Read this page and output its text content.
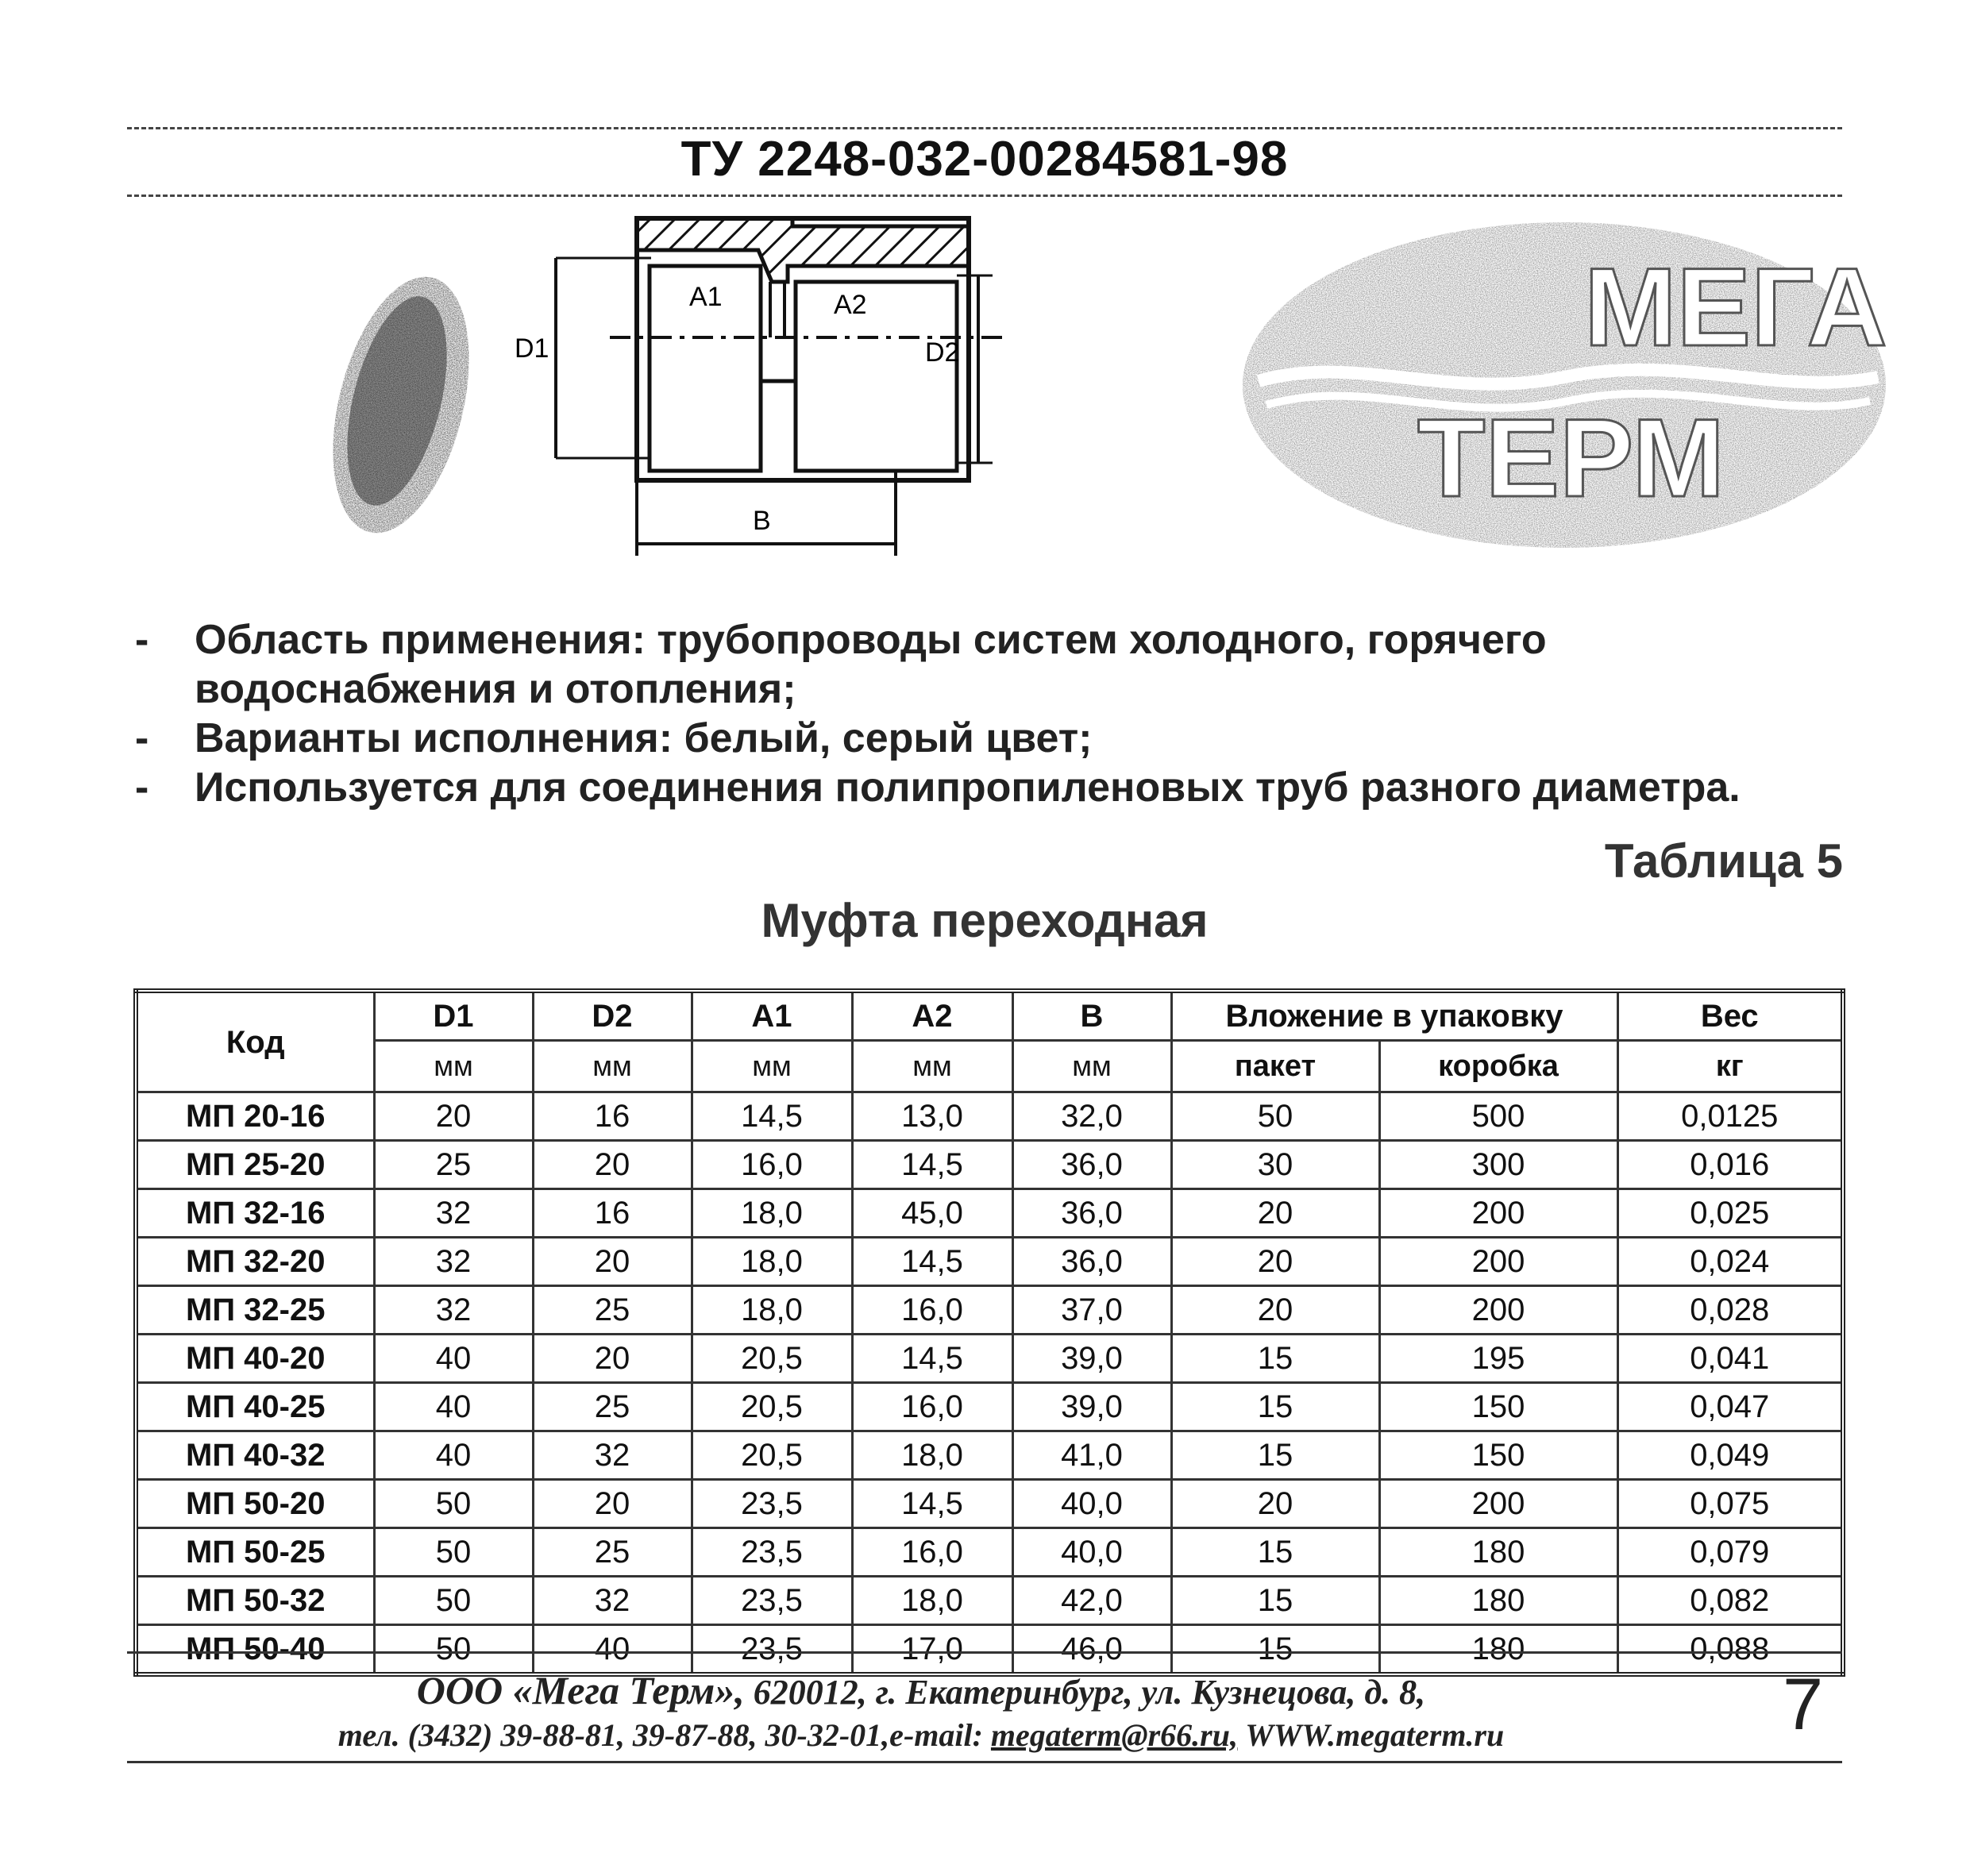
ТУ 2248-032-00284581-98
A1	A2
D1	D2
B
МЕГА
ТЕРМ
- Область применения: трубопроводы систем холодного, горячего водоснабжения и отопления;
- Варианты исполнения: белый, серый цвет;
- Используется для соединения полипропиленовых труб разного диаметра.
Таблица 5
Муфта переходная
Код	D1	D2	A1	A2	B	Вложение в упаковку		Вес
	мм	мм	мм	мм	мм	пакет	коробка	кг
МП 20-16	20	16	14,5	13,0	32,0	50	500	0,0125
МП 25-20	25	20	16,0	14,5	36,0	30	300	0,016
МП 32-16	32	16	18,0	45,0	36,0	20	200	0,025
МП 32-20	32	20	18,0	14,5	36,0	20	200	0,024
МП 32-25	32	25	18,0	16,0	37,0	20	200	0,028
МП 40-20	40	20	20,5	14,5	39,0	15	195	0,041
МП 40-25	40	25	20,5	16,0	39,0	15	150	0,047
МП 40-32	40	32	20,5	18,0	41,0	15	150	0,049
МП 50-20	50	20	23,5	14,5	40,0	20	200	0,075
МП 50-25	50	25	23,5	16,0	40,0	15	180	0,079
МП 50-32	50	32	23,5	18,0	42,0	15	180	0,082
МП 50-40	50	40	23,5	17,0	46,0	15	180	0,088
ООО «Мега Терм», 620012, г. Екатеринбург, ул. Кузнецова, д. 8,
тел. (3432) 39-88-81, 39-87-88, 30-32-01,e-mail: megaterm@r66.ru, WWW.megaterm.ru	7
